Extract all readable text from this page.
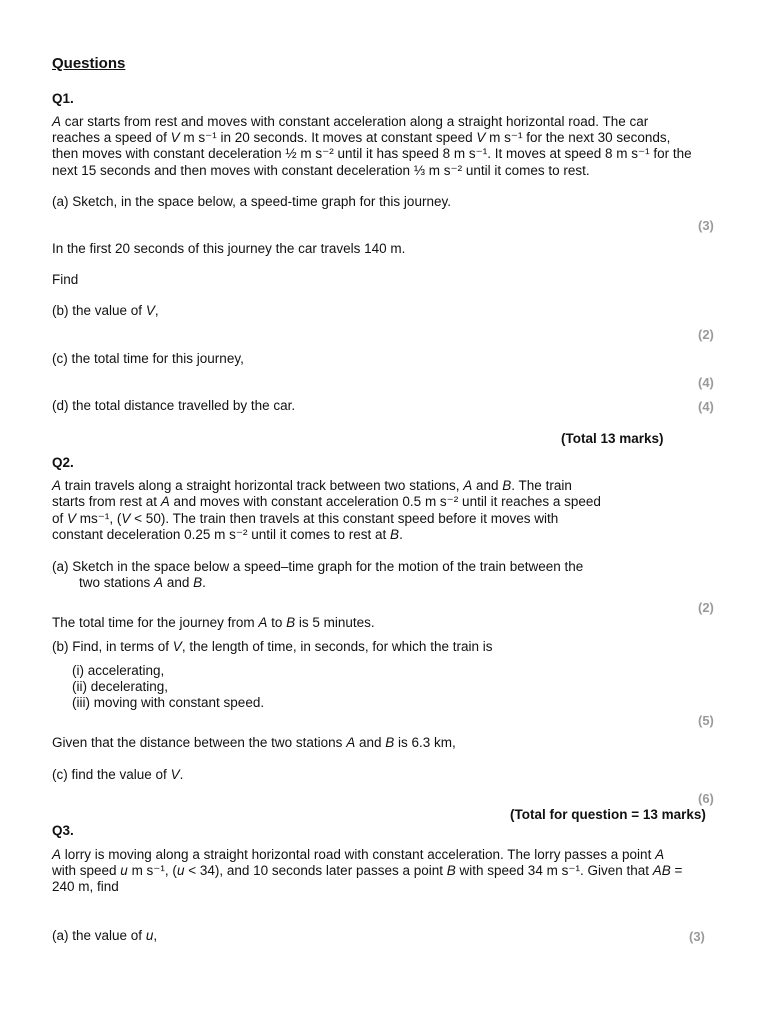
Questions
Q1.
A car starts from rest and moves with constant acceleration along a straight horizontal road. The car
reaches a speed of V m s⁻¹ in 20 seconds. It moves at constant speed V m s⁻¹ for the next 30 seconds,
then moves with constant deceleration ½ m s⁻² until it has speed 8 m s⁻¹. It moves at speed 8 m s⁻¹ for the
next 15 seconds and then moves with constant deceleration ⅓ m s⁻² until it comes to rest.
(a) Sketch, in the space below, a speed-time graph for this journey.
(3)
In the first 20 seconds of this journey the car travels 140 m.
Find
(b) the value of V,
(2)
(c) the total time for this journey,
(4)
(d) the total distance travelled by the car.	(4)
(Total 13 marks)
Q2.
A train travels along a straight horizontal track between two stations, A and B. The train
starts from rest at A and moves with constant acceleration 0.5 m s⁻² until it reaches a speed
of V ms⁻¹, (V < 50). The train then travels at this constant speed before it moves with
constant deceleration 0.25 m s⁻² until it comes to rest at B.
(a) Sketch in the space below a speed–time graph for the motion of the train between the
two stations A and B.
(2)
The total time for the journey from A to B is 5 minutes.
(b) Find, in terms of V, the length of time, in seconds, for which the train is
(i) accelerating,
(ii) decelerating,
(iii) moving with constant speed.
(5)
Given that the distance between the two stations A and B is 6.3 km,
(c) find the value of V.
(6)
(Total for question = 13 marks)
Q3.
A lorry is moving along a straight horizontal road with constant acceleration. The lorry passes a point A
with speed u m s⁻¹, (u < 34), and 10 seconds later passes a point B with speed 34 m s⁻¹. Given that AB =
240 m, find
(a) the value of u,	(3)
